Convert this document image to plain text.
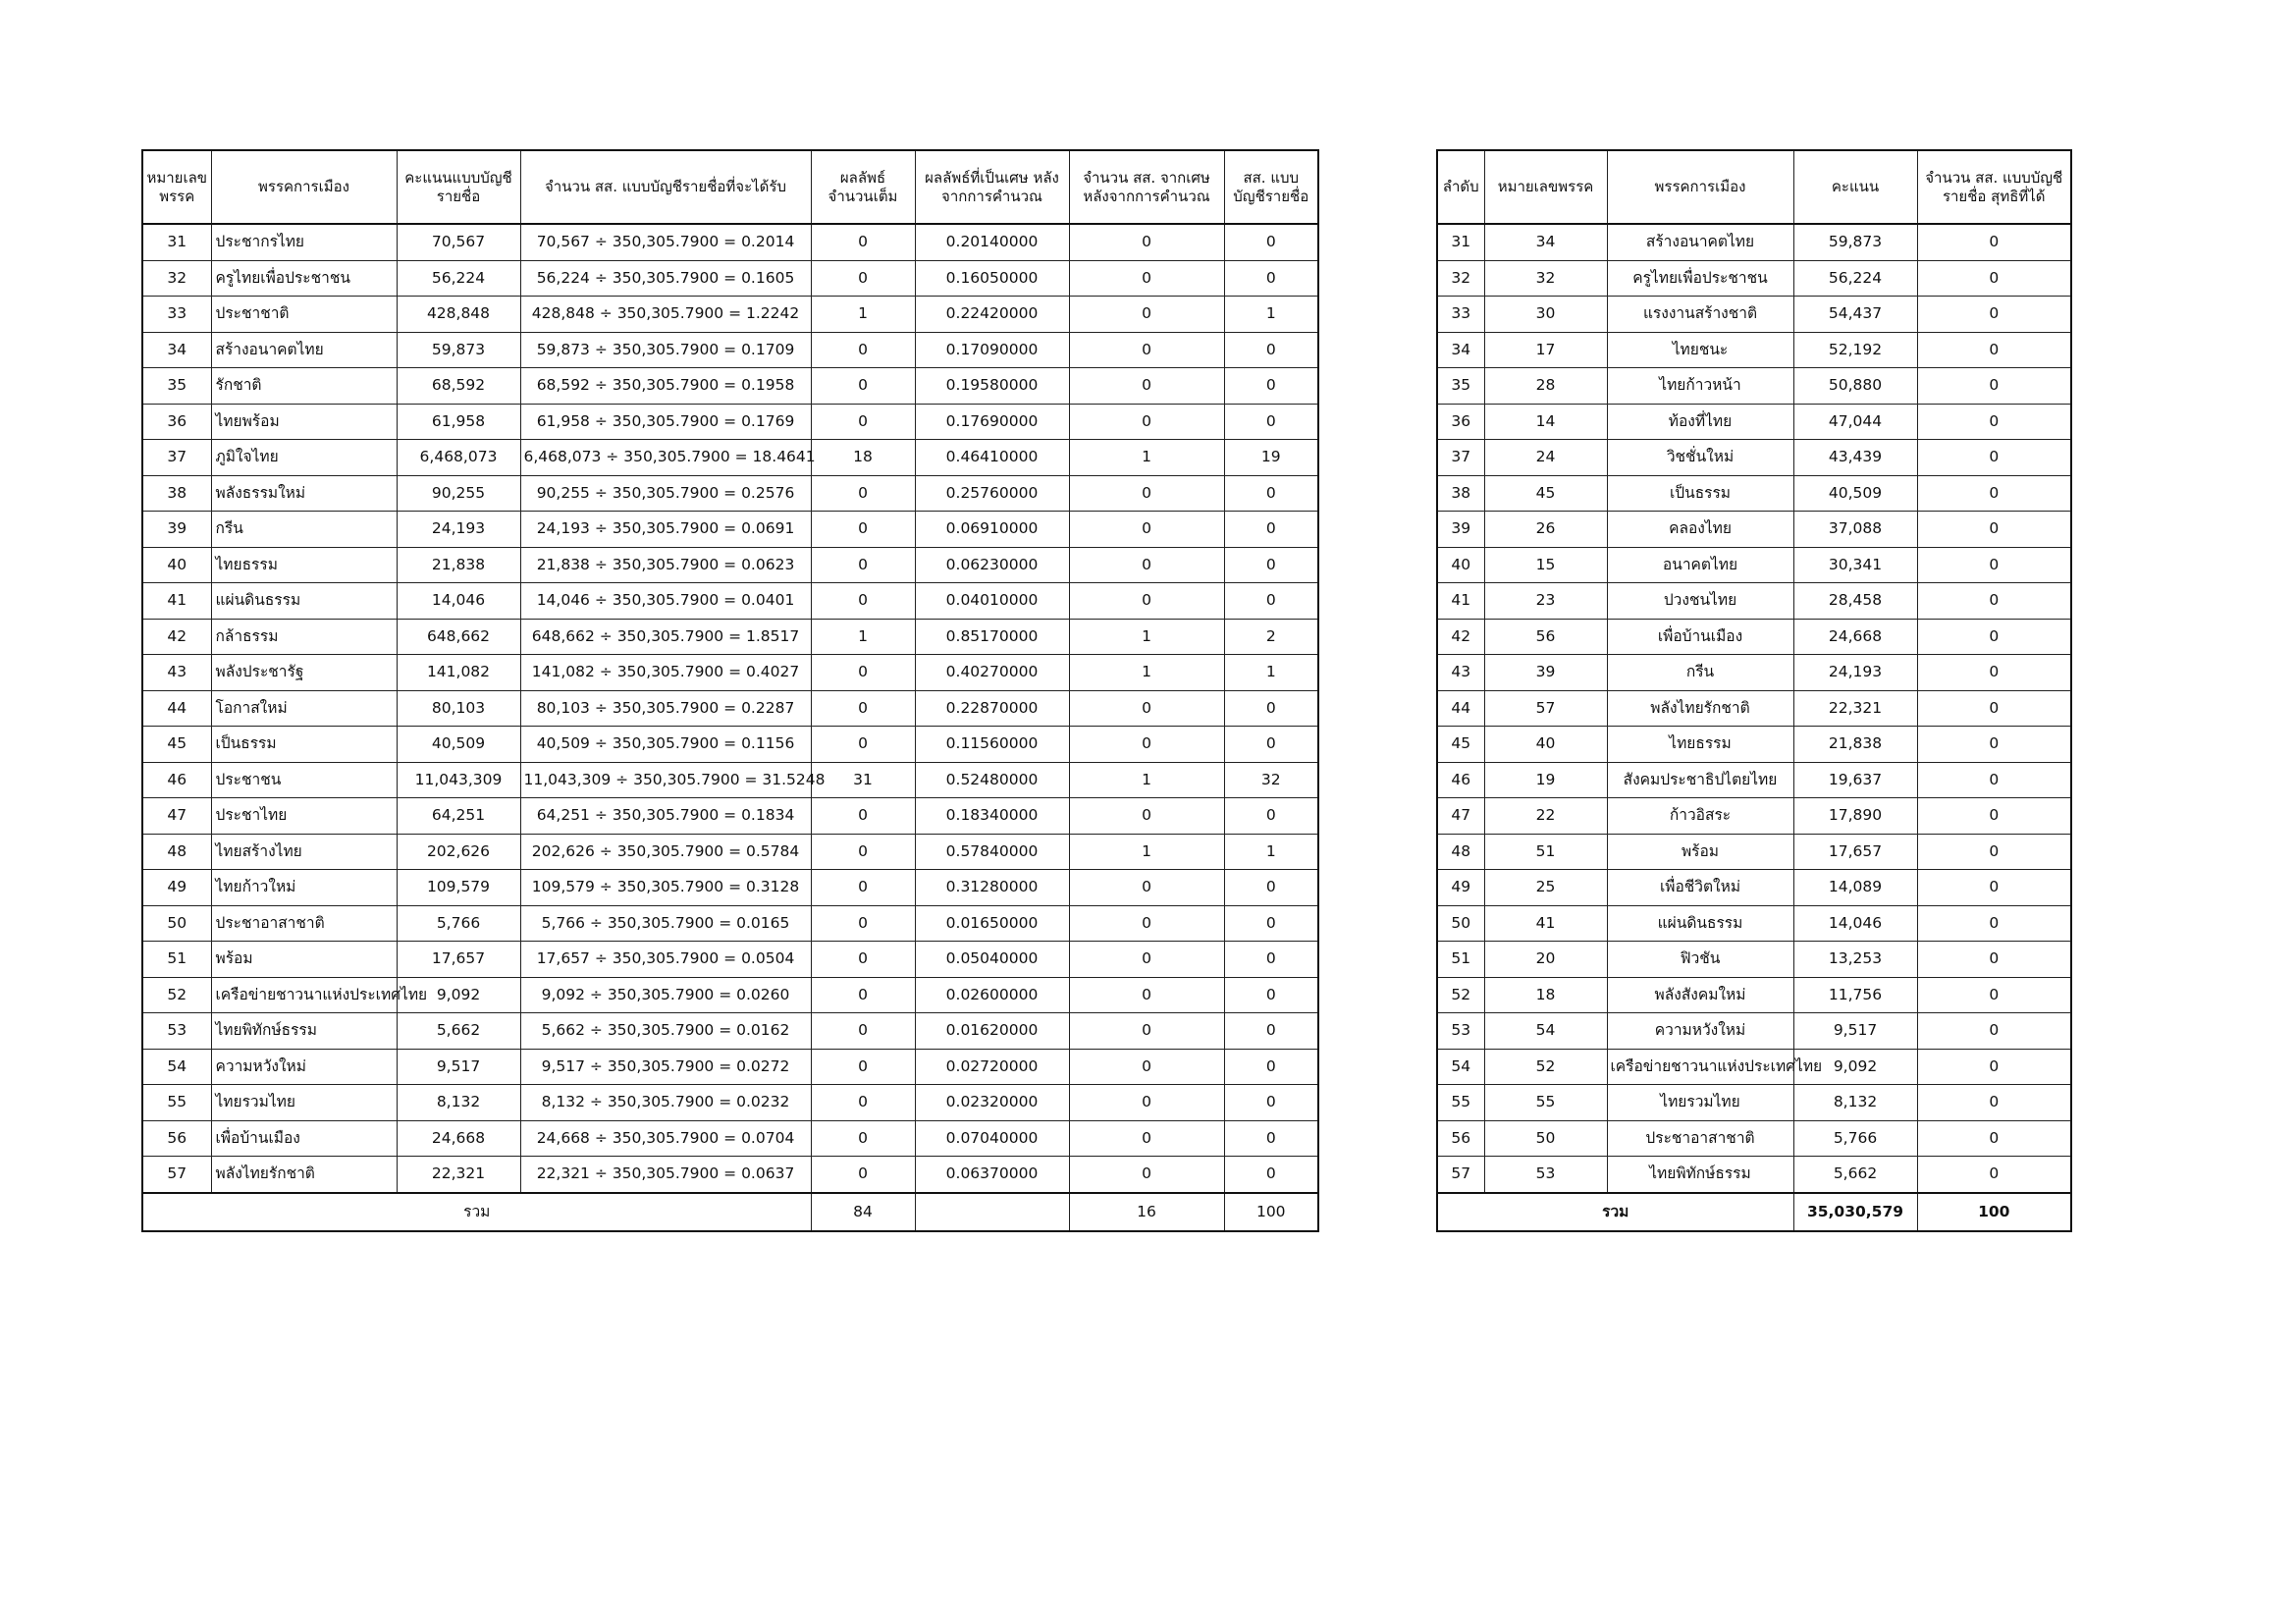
หมายเลข พรรค	พรรคการเมือง	คะแนนแบบบัญชี รายชื่อ	จำนวน สส. แบบบัญชีรายชื่อที่จะได้รับ	ผลลัพธ์ จำนวนเต็ม	ผลลัพธ์ที่เป็นเศษ หลังจากการคำนวณ	จำนวน สส. จากเศษ หลังจากการคำนวณ	สส. แบบ บัญชีรายชื่อ
31	ประชากรไทย	70,567	70,567 ÷ 350,305.7900 = 0.2014	0	0.20140000	0	0
32	ครูไทยเพื่อประชาชน	56,224	56,224 ÷ 350,305.7900 = 0.1605	0	0.16050000	0	0
33	ประชาชาติ	428,848	428,848 ÷ 350,305.7900 = 1.2242	1	0.22420000	0	1
34	สร้างอนาคตไทย	59,873	59,873 ÷ 350,305.7900 = 0.1709	0	0.17090000	0	0
35	รักชาติ	68,592	68,592 ÷ 350,305.7900 = 0.1958	0	0.19580000	0	0
36	ไทยพร้อม	61,958	61,958 ÷ 350,305.7900 = 0.1769	0	0.17690000	0	0
37	ภูมิใจไทย	6,468,073	6,468,073 ÷ 350,305.7900 = 18.4641	18	0.46410000	1	19
38	พลังธรรมใหม่	90,255	90,255 ÷ 350,305.7900 = 0.2576	0	0.25760000	0	0
39	กรีน	24,193	24,193 ÷ 350,305.7900 = 0.0691	0	0.06910000	0	0
40	ไทยธรรม	21,838	21,838 ÷ 350,305.7900 = 0.0623	0	0.06230000	0	0
41	แผ่นดินธรรม	14,046	14,046 ÷ 350,305.7900 = 0.0401	0	0.04010000	0	0
42	กล้าธรรม	648,662	648,662 ÷ 350,305.7900 = 1.8517	1	0.85170000	1	2
43	พลังประชารัฐ	141,082	141,082 ÷ 350,305.7900 = 0.4027	0	0.40270000	1	1
44	โอกาสใหม่	80,103	80,103 ÷ 350,305.7900 = 0.2287	0	0.22870000	0	0
45	เป็นธรรม	40,509	40,509 ÷ 350,305.7900 = 0.1156	0	0.11560000	0	0
46	ประชาชน	11,043,309	11,043,309 ÷ 350,305.7900 = 31.5248	31	0.52480000	1	32
47	ประชาไทย	64,251	64,251 ÷ 350,305.7900 = 0.1834	0	0.18340000	0	0
48	ไทยสร้างไทย	202,626	202,626 ÷ 350,305.7900 = 0.5784	0	0.57840000	1	1
49	ไทยก้าวใหม่	109,579	109,579 ÷ 350,305.7900 = 0.3128	0	0.31280000	0	0
50	ประชาอาสาชาติ	5,766	5,766 ÷ 350,305.7900 = 0.0165	0	0.01650000	0	0
51	พร้อม	17,657	17,657 ÷ 350,305.7900 = 0.0504	0	0.05040000	0	0
52	เครือข่ายชาวนาแห่งประเทศไทย	9,092	9,092 ÷ 350,305.7900 = 0.0260	0	0.02600000	0	0
53	ไทยพิทักษ์ธรรม	5,662	5,662 ÷ 350,305.7900 = 0.0162	0	0.01620000	0	0
54	ความหวังใหม่	9,517	9,517 ÷ 350,305.7900 = 0.0272	0	0.02720000	0	0
55	ไทยรวมไทย	8,132	8,132 ÷ 350,305.7900 = 0.0232	0	0.02320000	0	0
56	เพื่อบ้านเมือง	24,668	24,668 ÷ 350,305.7900 = 0.0704	0	0.07040000	0	0
57	พลังไทยรักชาติ	22,321	22,321 ÷ 350,305.7900 = 0.0637	0	0.06370000	0	0
รวม				84		16	100
ลำดับ	หมายเลขพรรค	พรรคการเมือง	คะแนน	จำนวน สส. แบบบัญชี รายชื่อ สุทธิที่ได้
31	34	สร้างอนาคตไทย	59,873	0
32	32	ครูไทยเพื่อประชาชน	56,224	0
33	30	แรงงานสร้างชาติ	54,437	0
34	17	ไทยชนะ	52,192	0
35	28	ไทยก้าวหน้า	50,880	0
36	14	ท้องที่ไทย	47,044	0
37	24	วิชชั่นใหม่	43,439	0
38	45	เป็นธรรม	40,509	0
39	26	คลองไทย	37,088	0
40	15	อนาคตไทย	30,341	0
41	23	ปวงชนไทย	28,458	0
42	56	เพื่อบ้านเมือง	24,668	0
43	39	กรีน	24,193	0
44	57	พลังไทยรักชาติ	22,321	0
45	40	ไทยธรรม	21,838	0
46	19	สังคมประชาธิปไตยไทย	19,637	0
47	22	ก้าวอิสระ	17,890	0
48	51	พร้อม	17,657	0
49	25	เพื่อชีวิตใหม่	14,089	0
50	41	แผ่นดินธรรม	14,046	0
51	20	ฟิวชัน	13,253	0
52	18	พลังสังคมใหม่	11,756	0
53	54	ความหวังใหม่	9,517	0
54	52	เครือข่ายชาวนาแห่งประเทศไทย	9,092	0
55	55	ไทยรวมไทย	8,132	0
56	50	ประชาอาสาชาติ	5,766	0
57	53	ไทยพิทักษ์ธรรม	5,662	0
รวม			35,030,579	100
